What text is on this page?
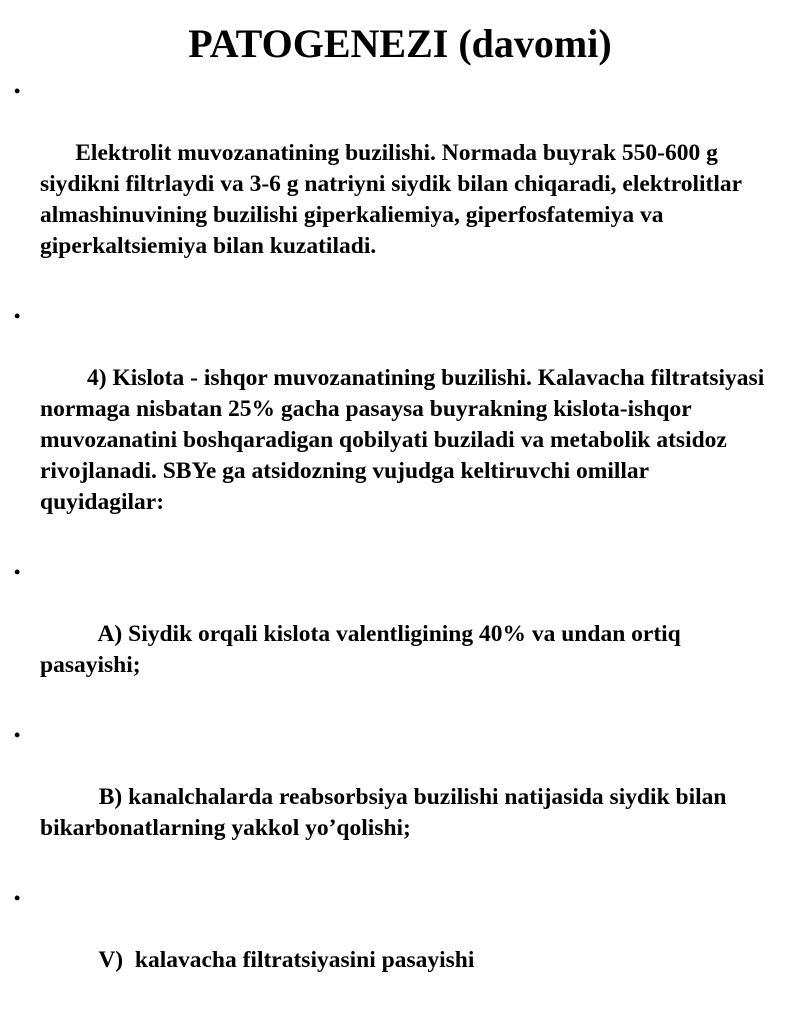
PATOGENEZI (davomi)

•

Elektrolit muvozanatining buzilishi. Normada buyrak 550-600 g siydikni filtrlaydi va 3-6 g natriyni siydik bilan chiqaradi, elektrolitlar almashinuvining buzilishi giperkaliemiya, giperfosfatemiya va giperkaltsiemiya bilan kuzatiladi.

•

4) Kislota - ishqor muvozanatining buzilishi. Kalavacha filtratsiyasi normaga nisbatan 25% gacha pasaysa buyrakning kislota-ishqor muvozanatini boshqaradigan qobilyati buziladi va metabolik atsidoz rivojlanadi. SBYe ga atsidozning vujudga keltiruvchi omillar quyidagilar:

•

A) Siydik orqali kislota valentligining 40% va undan ortiq  pasayishi;

•

B) kanalchalarda reabsorbsiya buzilishi natijasida siydik bilan bikarbonatlarning yakkol yo’qolishi;

•

V)  kalavacha filtratsiyasini pasayishi
